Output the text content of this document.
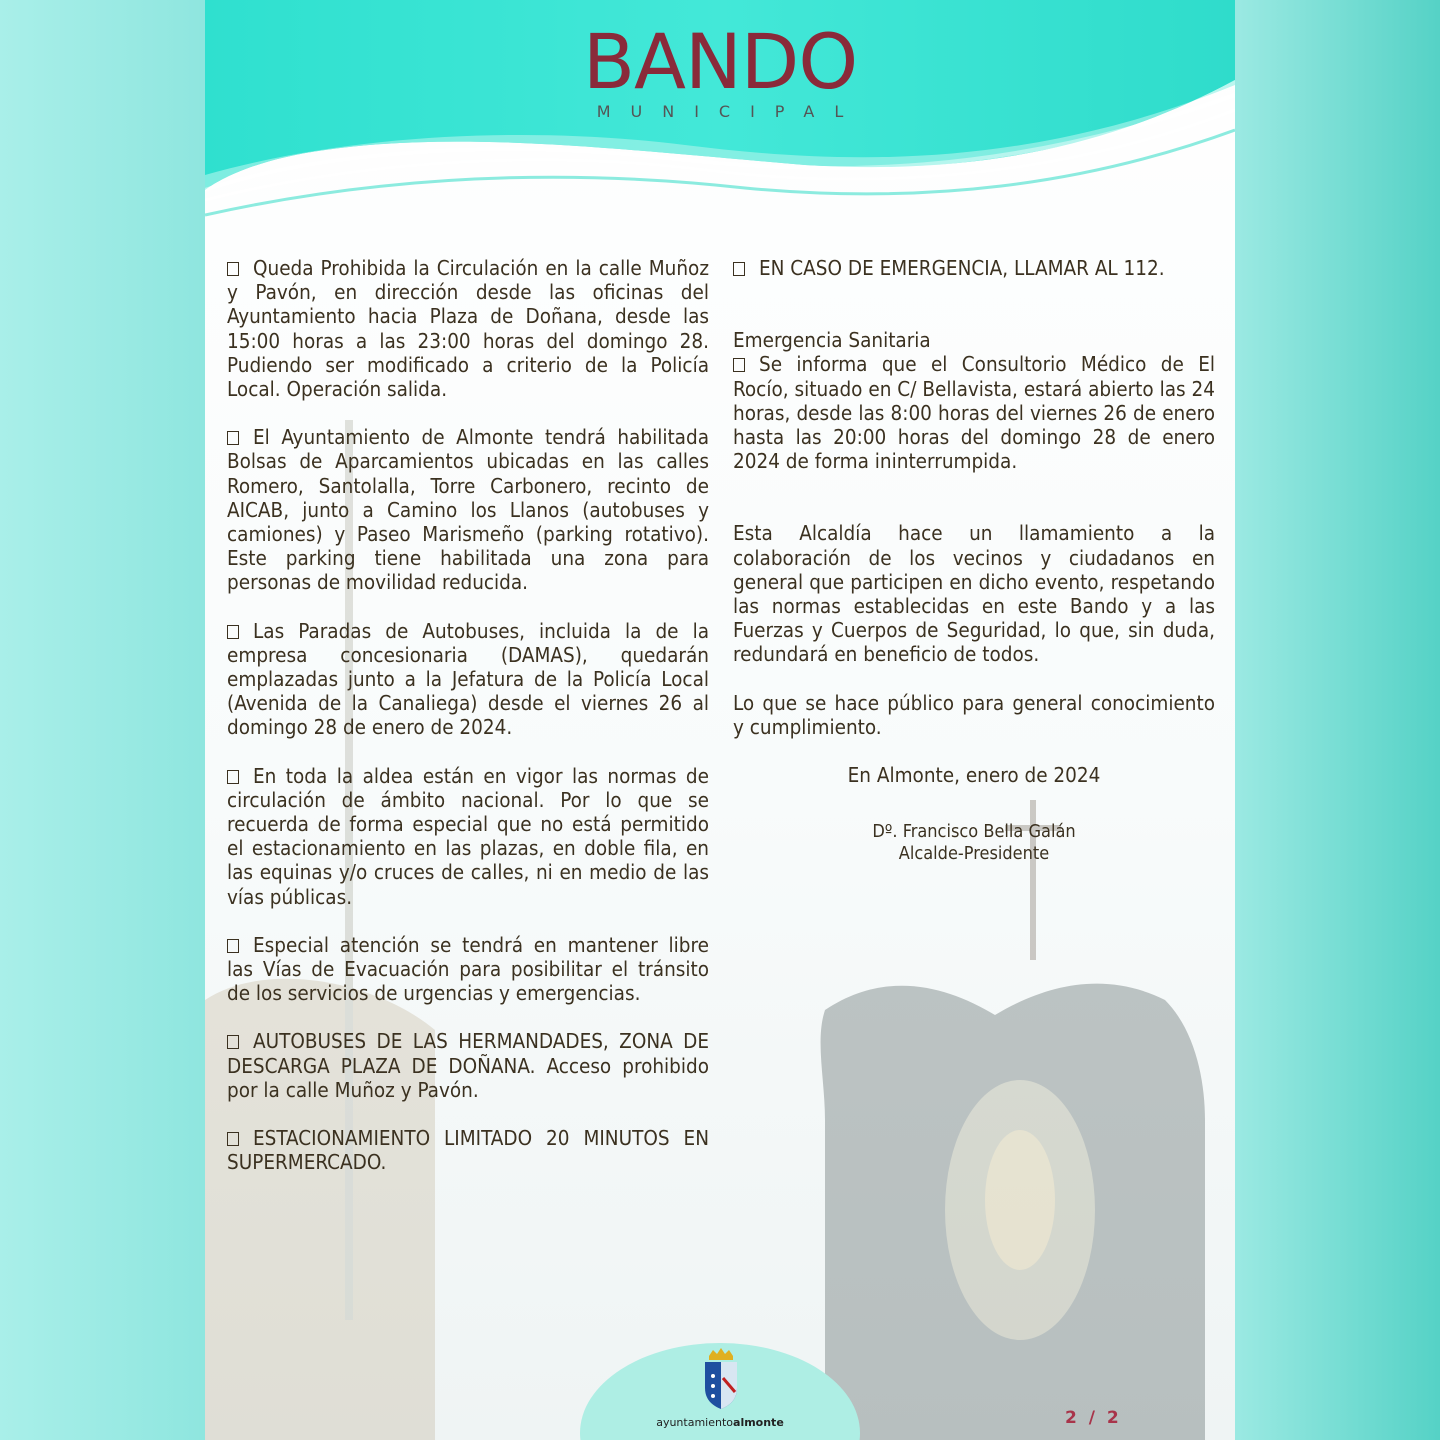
BANDO
MUNICIPAL

Queda Prohibida la Circulación en la calle Muñoz y Pavón, en dirección desde las oficinas del Ayuntamiento hacia Plaza de Doñana, desde las 15:00 horas a las 23:00 horas del domingo 28. Pudiendo ser modificado a criterio de la Policía Local. Operación salida.

El Ayuntamiento de Almonte tendrá habilitada Bolsas de Aparcamientos ubicadas en las calles Romero, Santolalla, Torre Carbonero, recinto de AICAB, junto a Camino los Llanos (autobuses y camiones) y Paseo Marismeño (parking rotativo). Este parking tiene habilitada una zona para personas de movilidad reducida.

Las Paradas de Autobuses, incluida la de la empresa concesionaria (DAMAS), quedarán emplazadas junto a la Jefatura de la Policía Local (Avenida de la Canaliega) desde el viernes 26 al domingo 28 de enero de 2024.

En toda la aldea están en vigor las normas de circulación de ámbito nacional. Por lo que se recuerda de forma especial que no está permitido el estacionamiento en las plazas, en doble fila, en las equinas y/o cruces de calles, ni en medio de las vías públicas.

Especial atención se tendrá en mantener libre las Vías de Evacuación para posibilitar el tránsito de los servicios de urgencias y emergencias.

AUTOBUSES DE LAS HERMANDADES, ZONA DE DESCARGA PLAZA DE DOÑANA. Acceso prohibido por la calle Muñoz y Pavón.

ESTACIONAMIENTO LIMITADO 20 MINUTOS EN SUPERMERCADO.

EN CASO DE EMERGENCIA, LLAMAR AL 112.

Emergencia Sanitaria

Se informa que el Consultorio Médico de El Rocío, situado en C/ Bellavista, estará abierto las 24 horas, desde las 8:00 horas del viernes 26 de enero hasta las 20:00 horas del domingo 28 de enero 2024 de forma ininterrumpida.

Esta Alcaldía hace un llamamiento a la colaboración de los vecinos y ciudadanos en general que participen en dicho evento, respetando las normas establecidas en este Bando y a las Fuerzas y Cuerpos de Seguridad, lo que, sin duda, redundará en beneficio de todos.

Lo que se hace público para general conocimiento y cumplimiento.

En Almonte, enero de 2024

Dº. Francisco Bella Galán
Alcalde-Presidente
ayuntamientoalmonte	2 / 2
